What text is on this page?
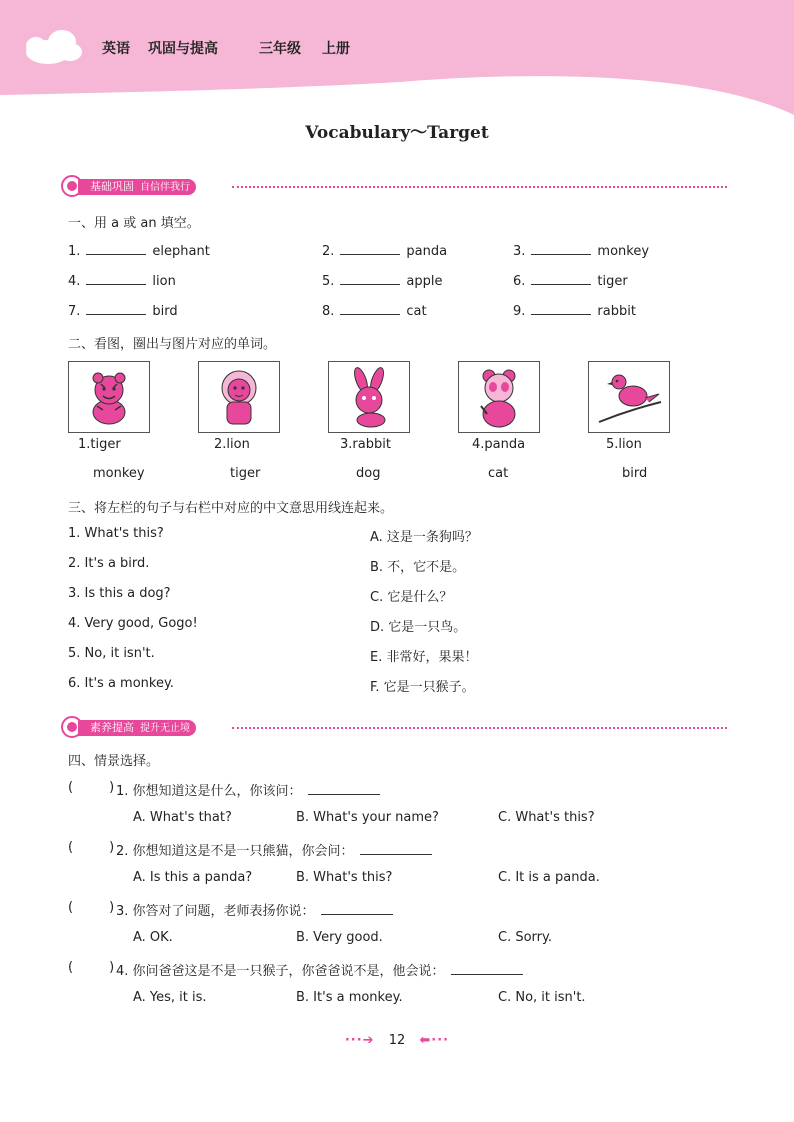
英语 巩固与提高	三年级 上册
Vocabulary～Target
基础巩固 自信伴我行
一、用 a 或 an 填空。
1.	elephant	2.	panda	3.	monkey
4.	lion	5.	apple	6.	tiger
7.	bird	8.	cat	9.	rabbit
二、看图，圈出与图片对应的单词。
1.tiger	2.lion	3.rabbit	4.panda	5.lion
monkey	tiger	dog	cat	bird
三、将左栏的句子与右栏中对应的中文意思用线连起来。
1. What's this?
2. It's a bird.
3. Is this a dog?
4. Very good, Gogo!
5. No, it isn't.
6. It's a monkey.
A. 这是一条狗吗？
B. 不，它不是。
C. 它是什么？
D. 它是一只鸟。
E. 非常好，果果！
F. 它是一只猴子。
素养提高 提升无止境
四、情景选择。
(	) 1. 你想知道这是什么，你该问：
A. What's that?	B. What's your name?	C. What's this?
(	) 2. 你想知道这是不是一只熊猫，你会问：
A. Is this a panda?	B. What's this?	C. It is a panda.
(	) 3. 你答对了问题，老师表扬你说：
A. OK.	B. Very good.	C. Sorry.
(	) 4. 你问爸爸这是不是一只猴子，你爸爸说不是，他会说：
A. Yes, it is.	B. It's a monkey.	C. No, it isn't.
···➔ 12 ⬅···
